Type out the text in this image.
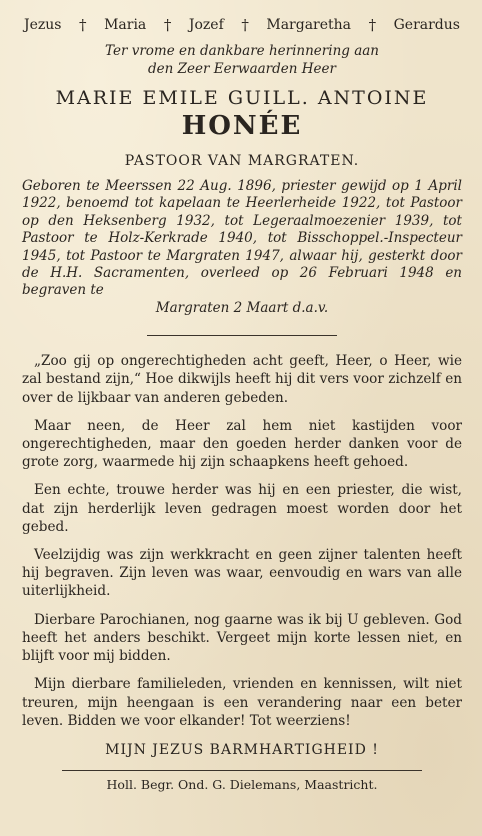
Jezus † Maria † Jozef † Margaretha † Gerardus

Ter vrome en dankbare herinnering aan

den Zeer Eerwaarden Heer

MARIE EMILE GUILL. ANTOINE

HONÉE

PASTOOR VAN MARGRATEN.

Geboren te Meerssen 22 Aug. 1896, priester gewijd op 1 April 1922, benoemd tot kapelaan te Heerlerheide 1922, tot Pastoor op den Heksenberg 1932, tot Legeraalmoezenier 1939, tot Pastoor te Holz-Kerkrade 1940, tot Bisschoppel.-Inspecteur 1945, tot Pastoor te Margraten 1947, alwaar hij, gesterkt door de H.H. Sacramenten, overleed op 26 Februari 1948 en begraven te
Margraten 2 Maart d.a.v.

„Zoo gij op ongerechtigheden acht geeft, Heer, o Heer, wie zal bestand zijn,“ Hoe dikwijls heeft hij dit vers voor zichzelf en over de lijkbaar van anderen gebeden.

Maar neen, de Heer zal hem niet kastijden voor ongerechtigheden, maar den goeden herder danken voor de grote zorg, waarmede hij zijn schaapkens heeft gehoed.

Een echte, trouwe herder was hij en een priester, die wist, dat zijn herderlijk leven gedragen moest worden door het gebed.

Veelzijdig was zijn werkkracht en geen zijner talenten heeft hij begraven. Zijn leven was waar, eenvoudig en wars van alle uiterlijkheid.

Dierbare Parochianen, nog gaarne was ik bij U gebleven. God heeft het anders beschikt. Vergeet mijn korte lessen niet, en blijft voor mij bidden.

Mijn dierbare familieleden, vrienden en kennissen, wilt niet treuren, mijn heengaan is een verandering naar een beter leven. Bidden we voor elkander! Tot weerziens!

MIJN JEZUS BARMHARTIGHEID !

Holl. Begr. Ond. G. Dielemans, Maastricht.
